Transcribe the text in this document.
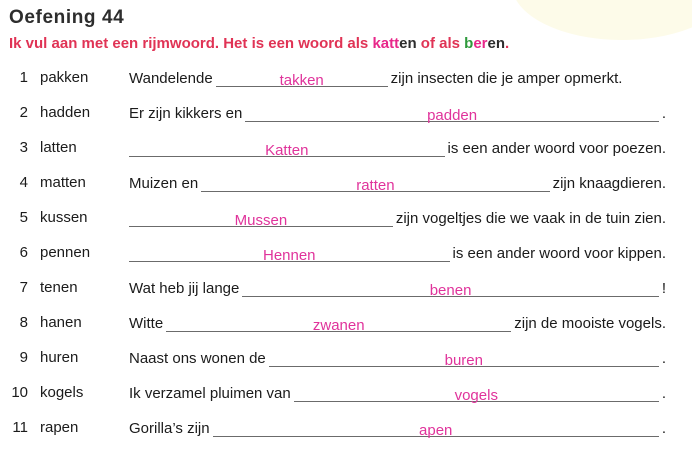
Oefening 44
Ik vul aan met een rijmwoord. Het is een woord als katten of als beren.
1 pakken	Wandelende	takken	zijn insecten die je amper opmerkt.
2 hadden	Er zijn kikkers en	padden	.
3 latten	Katten	is een ander woord voor poezen.
4 matten	Muizen en	ratten	zijn knaagdieren.
5 kussen	Mussen	zijn vogeltjes die we vaak in de tuin zien.
6 pennen	Hennen	is een ander woord voor kippen.
7 tenen	Wat heb jij lange	benen	!
8 hanen	Witte	zwanen	zijn de mooiste vogels.
9 huren	Naast ons wonen de	buren	.
10 kogels	Ik verzamel pluimen van	vogels	.
11 rapen	Gorilla’s zijn	apen	.
